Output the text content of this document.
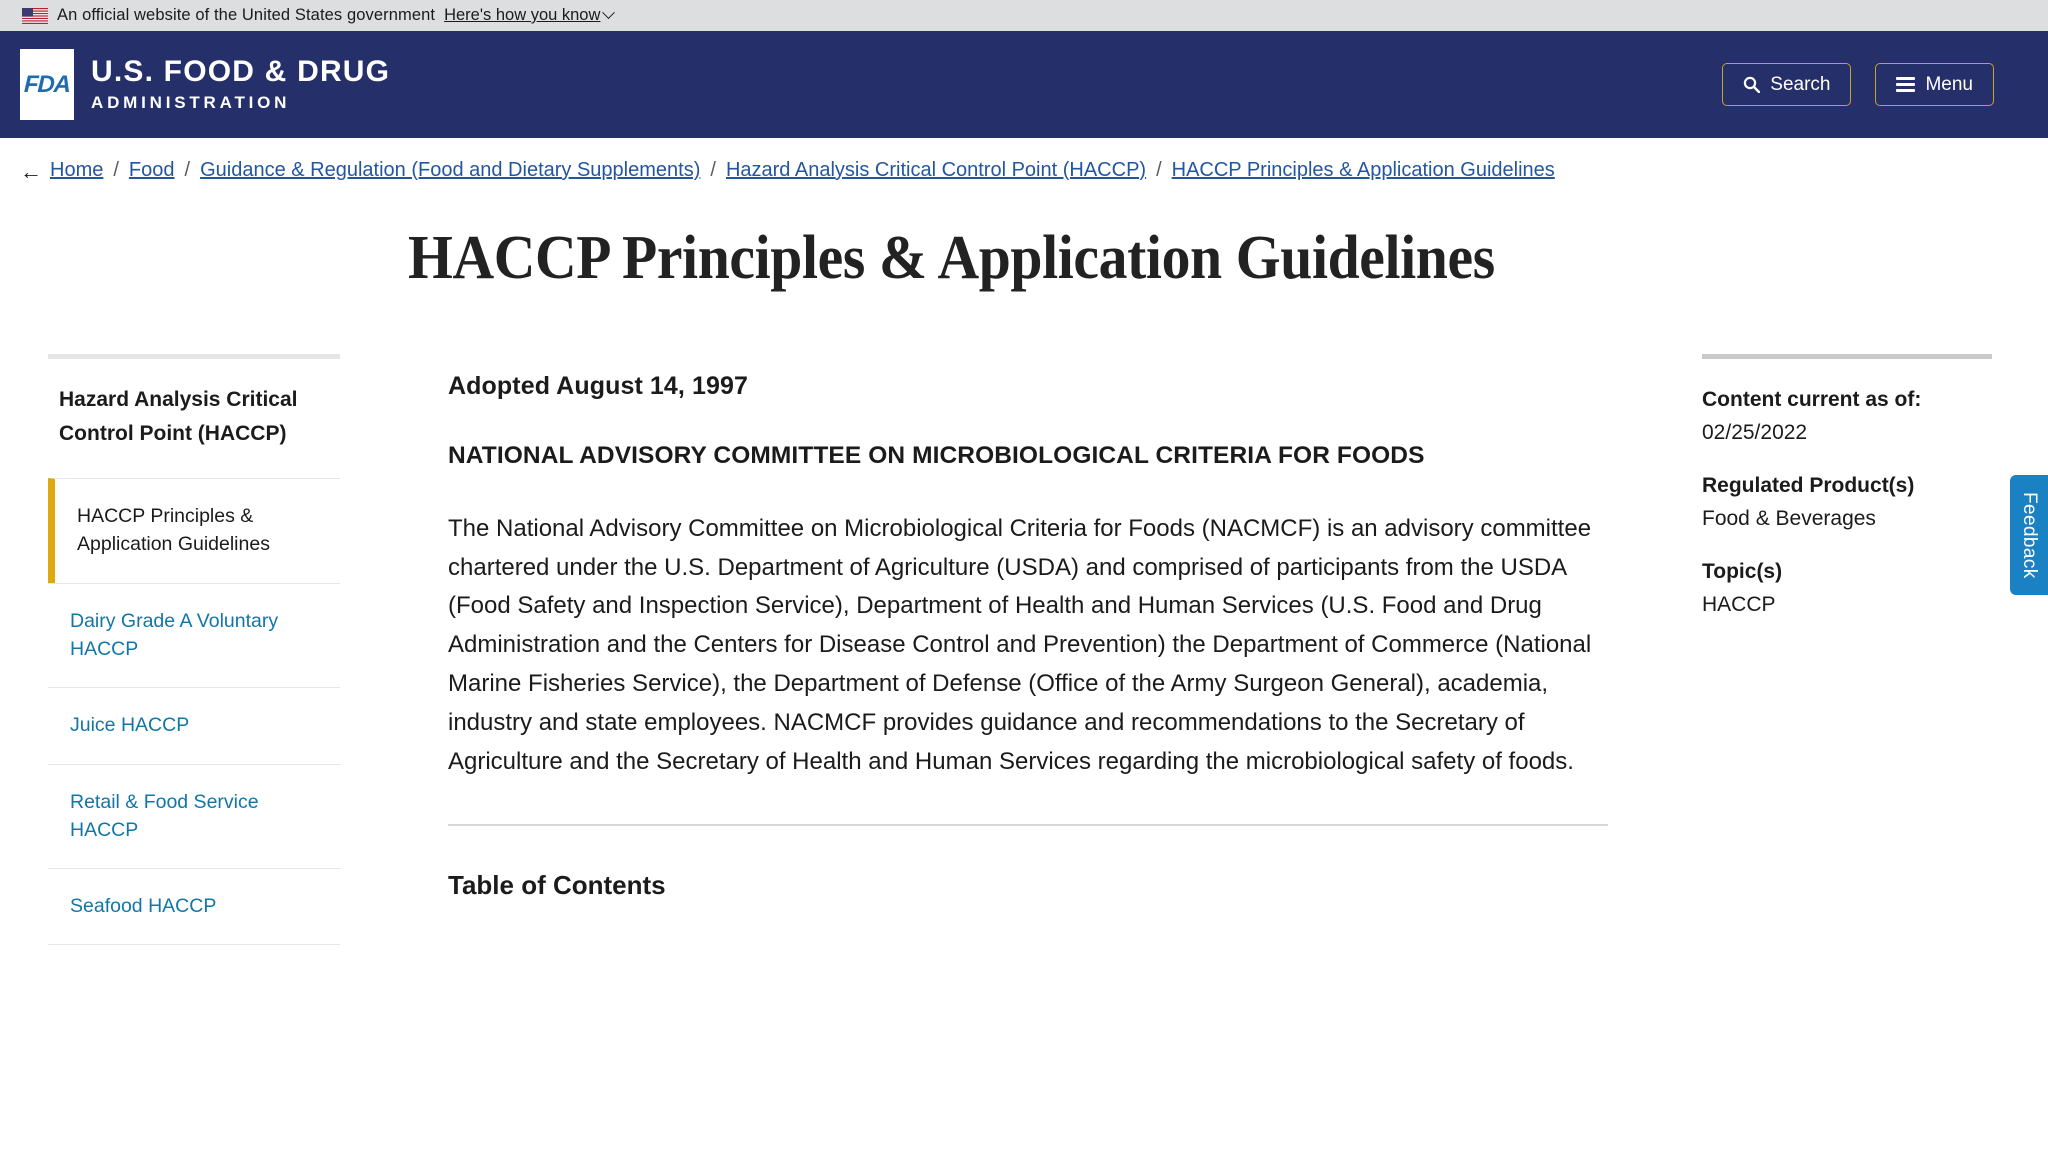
An official website of the United States government Here's how you know
FDA U.S. FOOD & DRUG
ADMINISTRATION
Search	Menu
← Home / Food / Guidance & Regulation (Food and Dietary Supplements) / Hazard Analysis Critical Control Point (HACCP) / HACCP Principles & Application Guidelines
HACCP Principles & Application Guidelines
Hazard Analysis Critical Control Point (HACCP)
HACCP Principles & Application Guidelines
Dairy Grade A Voluntary HACCP
Juice HACCP
Retail & Food Service HACCP
Seafood HACCP
Adopted August 14, 1997
NATIONAL ADVISORY COMMITTEE ON MICROBIOLOGICAL CRITERIA FOR FOODS

The National Advisory Committee on Microbiological Criteria for Foods (NACMCF) is an advisory committee chartered under the U.S. Department of Agriculture (USDA) and comprised of participants from the USDA (Food Safety and Inspection Service), Department of Health and Human Services (U.S. Food and Drug Administration and the Centers for Disease Control and Prevention) the Department of Commerce (National Marine Fisheries Service), the Department of Defense (Office of the Army Surgeon General), academia, industry and state employees. NACMCF provides guidance and recommendations to the Secretary of Agriculture and the Secretary of Health and Human Services regarding the microbiological safety of foods.

Table of Contents
Content current as of:
02/25/2022
Regulated Product(s)
Food & Beverages
Topic(s)
HACCP
Feedback
